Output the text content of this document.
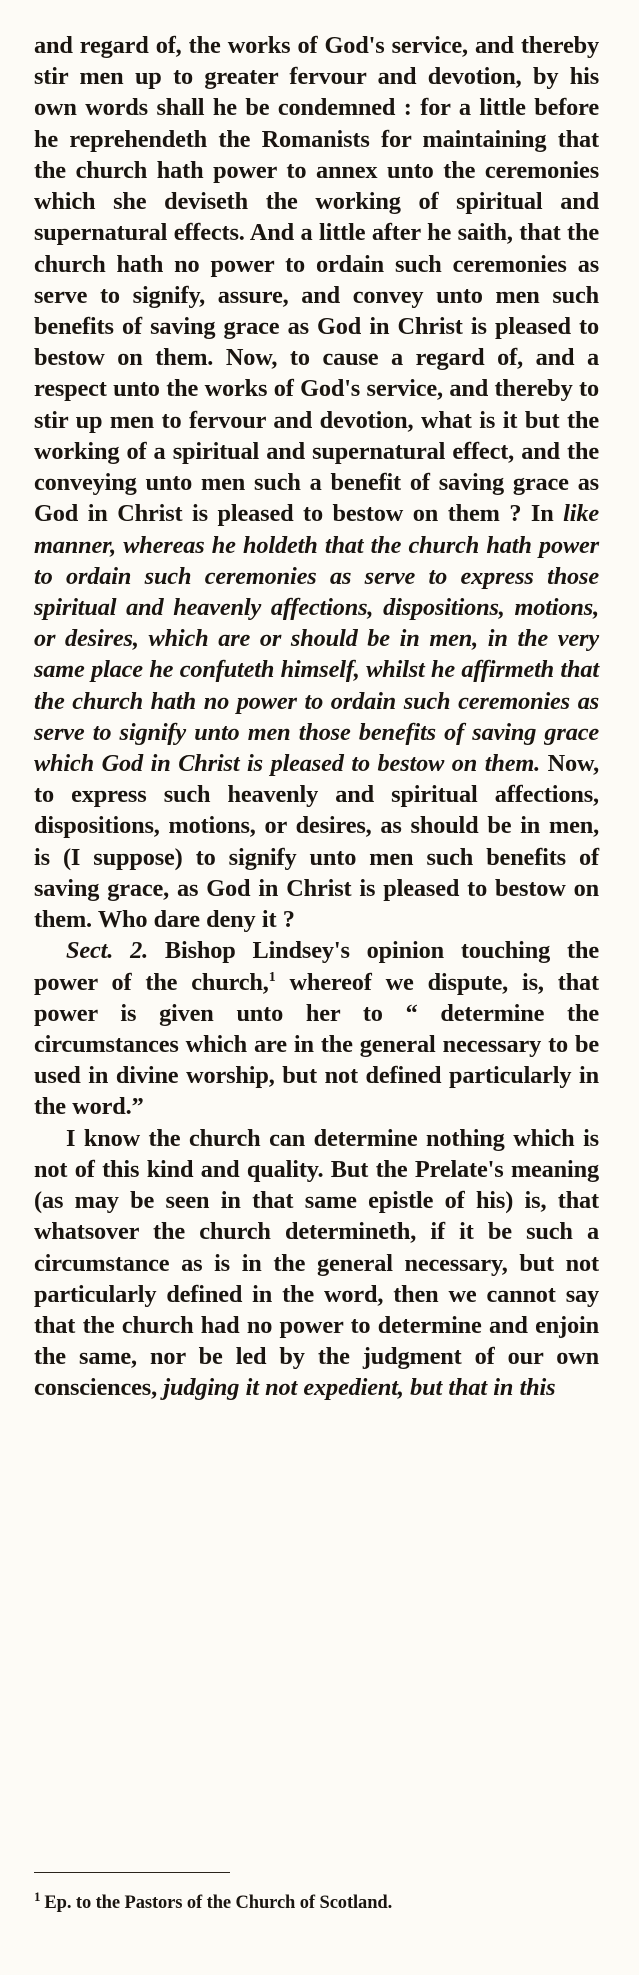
and regard of, the works of God's service, and thereby stir men up to greater fervour and devotion, by his own words shall he be condemned : for a little before he reprehendeth the Romanists for maintaining that the church hath power to annex unto the ceremonies which she deviseth the working of spiritual and supernatural effects. And a little after he saith, that the church hath no power to ordain such ceremonies as serve to signify, assure, and convey unto men such benefits of saving grace as God in Christ is pleased to bestow on them. Now, to cause a regard of, and a respect unto the works of God's service, and thereby to stir up men to fervour and devotion, what is it but the working of a spiritual and supernatural effect, and the conveying unto men such a benefit of saving grace as God in Christ is pleased to bestow on them ? In like manner, whereas he holdeth that the church hath power to ordain such ceremonies as serve to express those spiritual and heavenly affections, dispositions, motions, or desires, which are or should be in men, in the very same place he confuteth himself, whilst he affirmeth that the church hath no power to ordain such ceremonies as serve to signify unto men those benefits of saving grace which God in Christ is pleased to bestow on them. Now, to express such heavenly and spiritual affections, dispositions, motions, or desires, as should be in men, is (I suppose) to signify unto men such benefits of saving grace, as God in Christ is pleased to bestow on them. Who dare deny it ?

Sect. 2. Bishop Lindsey's opinion touching the power of the church,$^1$ whereof we dispute, is, that power is given unto her to “ determine the circumstances which are in the general necessary to be used in divine worship, but not defined particularly in the word.”

I know the church can determine nothing which is not of this kind and quality. But the Prelate's meaning (as may be seen in that same epistle of his) is, that whatsover the church determineth, if it be such a circumstance as is in the general necessary, but not particularly defined in the word, then we cannot say that the church had no power to determine and enjoin the same, nor be led by the judgment of our own consciences, judging it not expedient, but that in this

$^1$ Ep. to the Pastors of the Church of Scotland.
